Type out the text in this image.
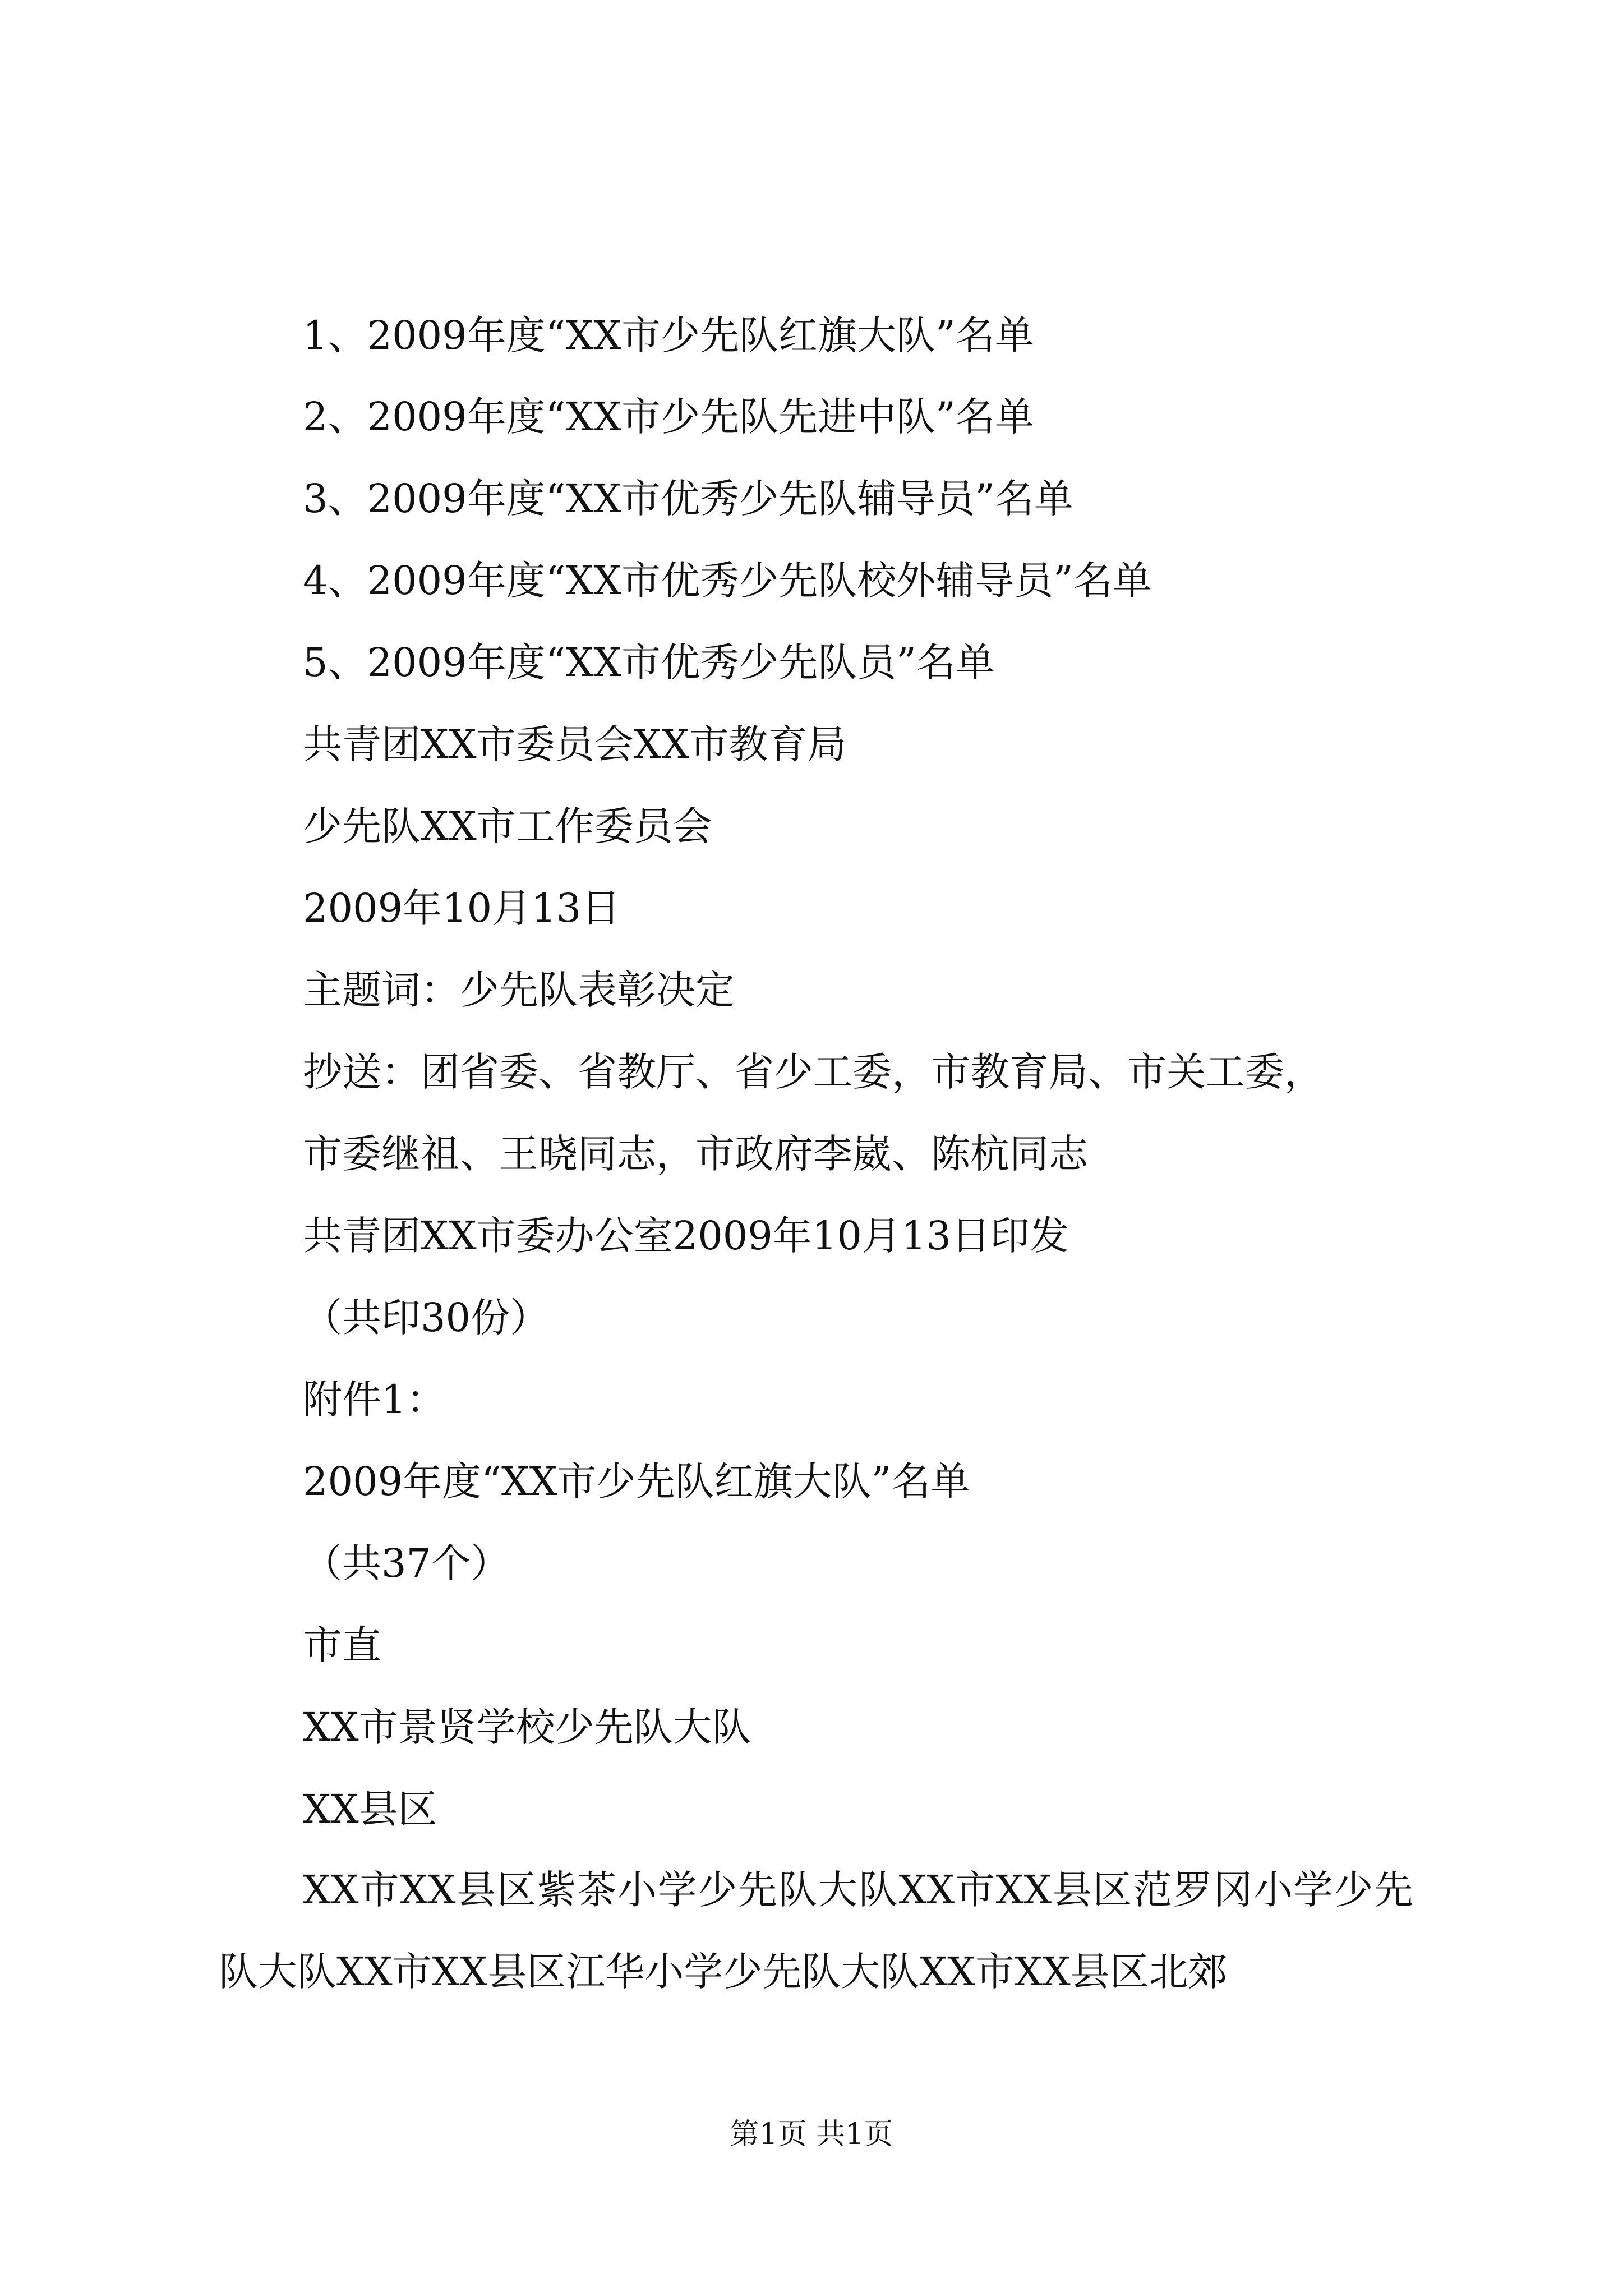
1、2009年度“XX市少先队红旗大队”名单
2、2009年度“XX市少先队先进中队”名单
3、2009年度“XX市优秀少先队辅导员”名单
4、2009年度“XX市优秀少先队校外辅导员”名单
5、2009年度“XX市优秀少先队员”名单
共青团XX市委员会XX市教育局
少先队XX市工作委员会
2009年10月13日
主题词：少先队表彰决定
抄送：团省委、省教厅、省少工委，市教育局、市关工委，
市委继祖、王晓同志，市政府李崴、陈杭同志
共青团XX市委办公室2009年10月13日印发
（共印30份）
附件1：
2009年度“XX市少先队红旗大队”名单
（共37个）
市直
XX市景贤学校少先队大队
XX县区
XX市XX县区紫茶小学少先队大队XX市XX县区范罗冈小学少先队大队XX市XX县区江华小学少先队大队XX市XX县区北郊
第1页 共1页
